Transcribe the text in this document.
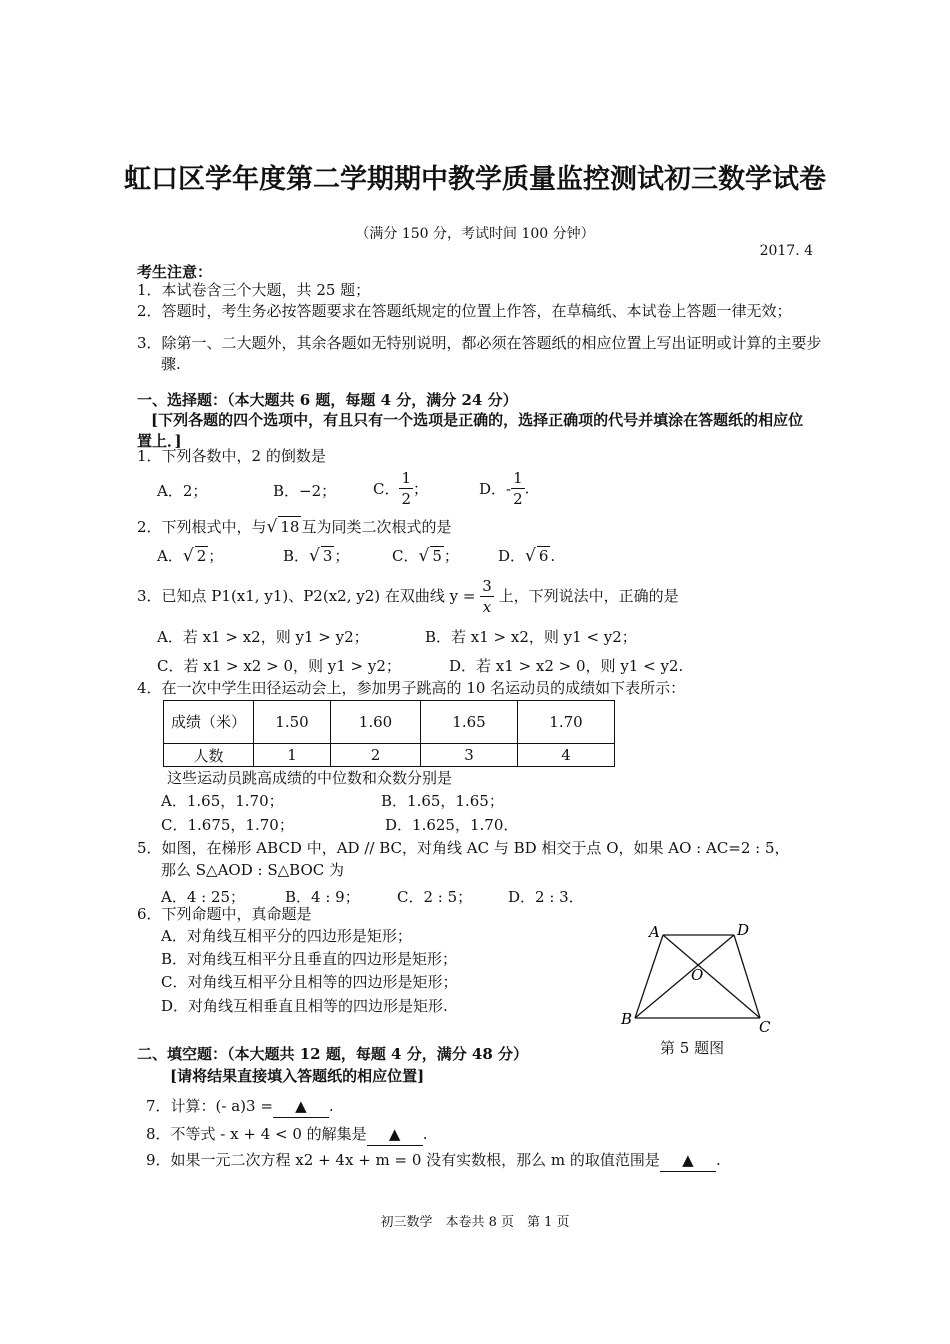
虹口区学年度第二学期期中教学质量监控测试初三数学试卷
（满分 150 分，考试时间 100 分钟）
2017. 4
考生注意：
1．本试卷含三个大题，共 25 题；
2．答题时，考生务必按答题要求在答题纸规定的位置上作答，在草稿纸、本试卷上答题一律无效；
3．除第一、二大题外，其余各题如无特别说明，都必须在答题纸的相应位置上写出证明或计算的主要步骤.
一、选择题：（本大题共 6 题，每题 4 分，满分 24 分）
[下列各题的四个选项中，有且只有一个选项是正确的，选择正确项的代号并填涂在答题纸的相应位置上．]
1．下列各数中，2 的倒数是
A．2；	B．−2； C． $\frac{1}{2}$ ；	D．- $\frac{1}{2}$ .
2．下列根式中，与√ 18 互为同类二次根式的是
A．√ 2 ；	B．√ 3 ；	C．√ 5 ；	D．√ 6 .
3．已知点 P1(x1, y1)、P2(x2, y2) 在双曲线 $y = \frac{3}{x}$ 上，下列说法中，正确的是
A．若 x1 > x2，则 y1 > y2；	B．若 x1 > x2，则 y1 < y2；
C．若 x1 > x2 > 0，则 y1 > y2；	D．若 x1 > x2 > 0，则 y1 < y2.
4．在一次中学生田径运动会上，参加男子跳高的 10 名运动员的成绩如下表所示：
成绩（米）	1.50	1.60	1.65	1.70
人数	1	2	3	4
这些运动员跳高成绩的中位数和众数分别是
A．1.65，1.70；	B．1.65，1.65；
C．1.675，1.70；	D．1.625，1.70．
5．如图，在梯形 ABCD 中，AD // BC，对角线 AC 与 BD 相交于点 O，如果 AO : AC=2 : 5，
那么 S△AOD : S△BOC 为
A．4 : 25；	B．4 : 9； C．2 : 5； D．2 : 3．
6．下列命题中，真命题是
A．对角线互相平分的四边形是矩形；
B．对角线互相平分且垂直的四边形是矩形；
C．对角线互相平分且相等的四边形是矩形；
D．对角线互相垂直且相等的四边形是矩形.
A	D
O
B	C
第 5 题图
二、填空题：（本大题共 12 题，每题 4 分，满分 48 分）
[请将结果直接填入答题纸的相应位置]
7．计算：(- a)3 = ▲ .
8．不等式 - x + 4 < 0 的解集是 ▲ .
9．如果一元二次方程 x2 + 4x + m = 0 没有实数根，那么 m 的取值范围是 ▲ .
初三数学　本卷共 8 页　第 1 页
